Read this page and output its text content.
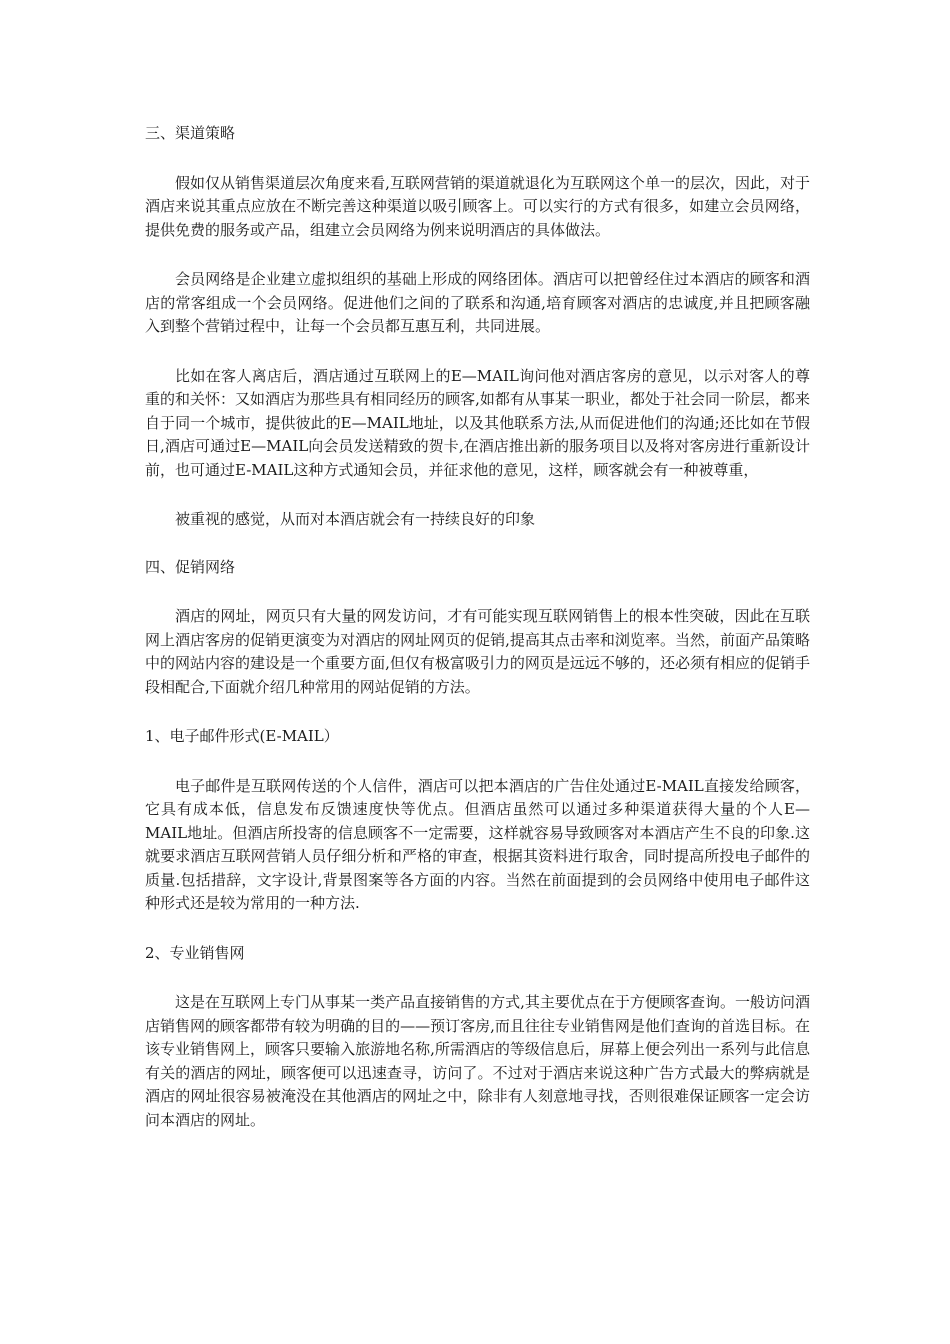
三、渠道策略

假如仅从销售渠道层次角度来看,互联网营销的渠道就退化为互联网这个单一的层次，因此，对于酒店来说其重点应放在不断完善这种渠道以吸引顾客上。可以实行的方式有很多，如建立会员网络，提供免费的服务或产品，组建立会员网络为例来说明酒店的具体做法。

会员网络是企业建立虚拟组织的基础上形成的网络团体。酒店可以把曾经住过本酒店的顾客和酒店的常客组成一个会员网络。促进他们之间的了联系和沟通,培育顾客对酒店的忠诚度,并且把顾客融入到整个营销过程中，让每一个会员都互惠互利，共同进展。

比如在客人离店后，酒店通过互联网上的E—MAIL询问他对酒店客房的意见，以示对客人的尊重的和关怀：又如酒店为那些具有相同经历的顾客,如都有从事某一职业，都处于社会同一阶层，都来自于同一个城市，提供彼此的E—MAIL地址，以及其他联系方法,从而促进他们的沟通;还比如在节假日,酒店可通过E—MAIL向会员发送精致的贺卡,在酒店推出新的服务项目以及将对客房进行重新设计前，也可通过E-MAIL这种方式通知会员，并征求他的意见，这样，顾客就会有一种被尊重，

被重视的感觉，从而对本酒店就会有一持续良好的印象

四、促销网络

酒店的网址，网页只有大量的网发访问，才有可能实现互联网销售上的根本性突破，因此在互联网上酒店客房的促销更演变为对酒店的网址网页的促销,提高其点击率和浏览率。当然，前面产品策略中的网站内容的建设是一个重要方面,但仅有极富吸引力的网页是远远不够的，还必须有相应的促销手段相配合,下面就介绍几种常用的网站促销的方法。

1、电子邮件形式(E-MAIL）

电子邮件是互联网传送的个人信件，酒店可以把本酒店的广告住处通过E-MAIL直接发给顾客，它具有成本低，信息发布反馈速度快等优点。但酒店虽然可以通过多种渠道获得大量的个人E—MAIL地址。但酒店所投寄的信息顾客不一定需要，这样就容易导致顾客对本酒店产生不良的印象.这就要求酒店互联网营销人员仔细分析和严格的审查，根据其资料进行取舍，同时提高所投电子邮件的质量.包括措辞，文字设计,背景图案等各方面的内容。当然在前面提到的会员网络中使用电子邮件这种形式还是较为常用的一种方法.

2、专业销售网

这是在互联网上专门从事某一类产品直接销售的方式,其主要优点在于方便顾客查询。一般访问酒店销售网的顾客都带有较为明确的目的——预订客房,而且往往专业销售网是他们查询的首选目标。在该专业销售网上，顾客只要输入旅游地名称,所需酒店的等级信息后，屏幕上便会列出一系列与此信息有关的酒店的网址，顾客便可以迅速查寻，访问了。不过对于酒店来说这种广告方式最大的弊病就是酒店的网址很容易被淹没在其他酒店的网址之中，除非有人刻意地寻找，否则很难保证顾客一定会访问本酒店的网址。
